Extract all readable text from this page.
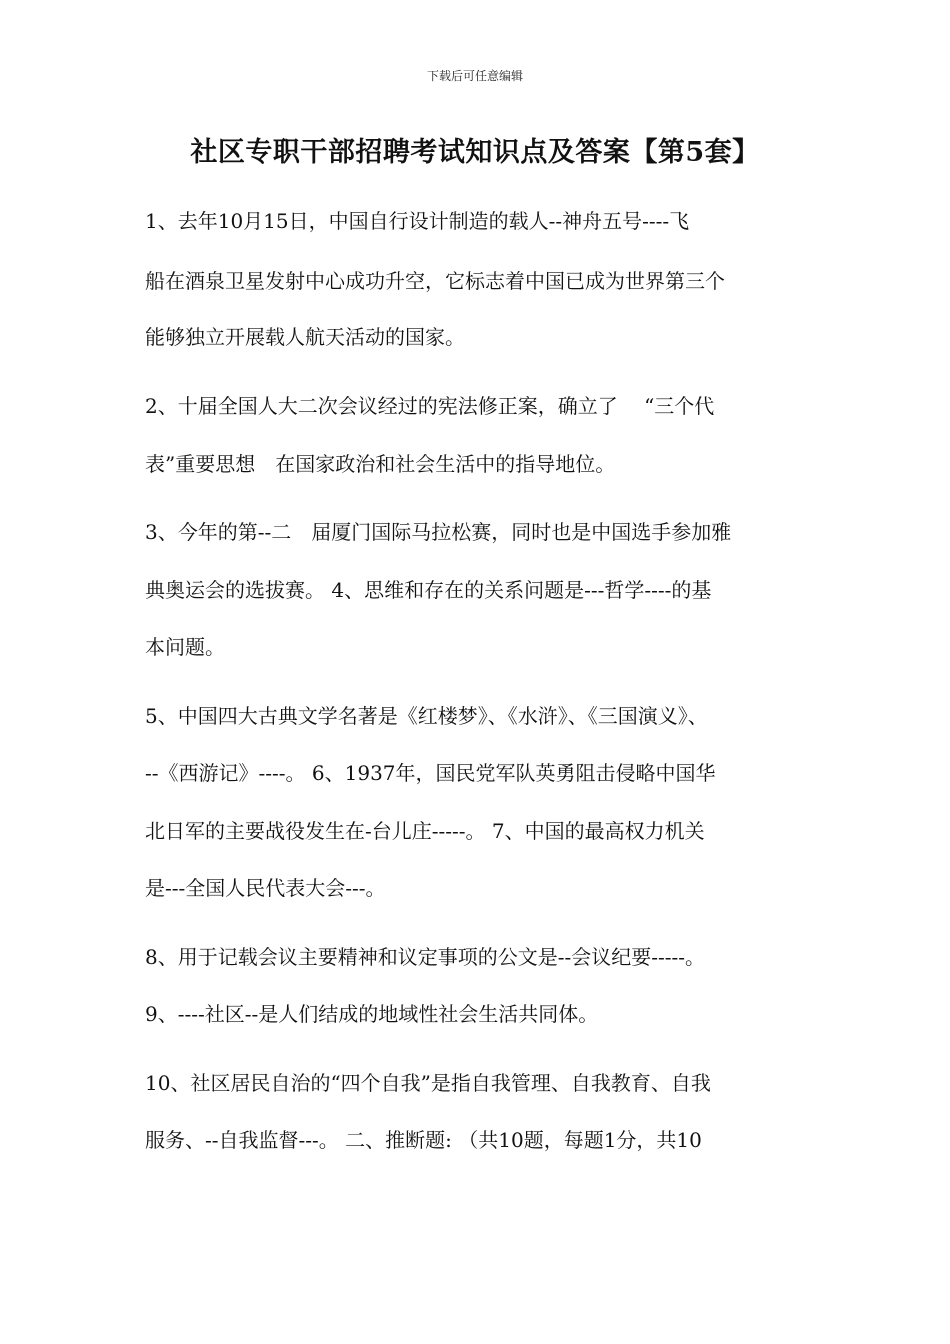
下载后可任意编辑
社区专职干部招聘考试知识点及答案【第5套】
1、去年10月15日，中国自行设计制造的载人--神舟五号----飞
船在酒泉卫星发射中心成功升空，它标志着中国已成为世界第三个
能够独立开展载人航天活动的国家。
2、十届全国人大二次会议经过的宪法修正案，确立了　 “三个代
表”重要思想　在国家政治和社会生活中的指导地位。
3、今年的第--二　届厦门国际马拉松赛，同时也是中国选手参加雅
典奥运会的选拔赛。 4、思维和存在的关系问题是---哲学----的基
本问题。
5、中国四大古典文学名著是《红楼梦》、《水浒》、《三国演义》、
--《西游记》----。 6、1937年，国民党军队英勇阻击侵略中国华
北日军的主要战役发生在-台儿庄-----。 7、中国的最高权力机关
是---全国人民代表大会---。
8、用于记载会议主要精神和议定事项的公文是--会议纪要-----。
9、----社区--是人们结成的地域性社会生活共同体。
10、社区居民自治的“四个自我”是指自我管理、自我教育、自我
服务、--自我监督---。 二、推断题: （共10题，每题1分，共10
